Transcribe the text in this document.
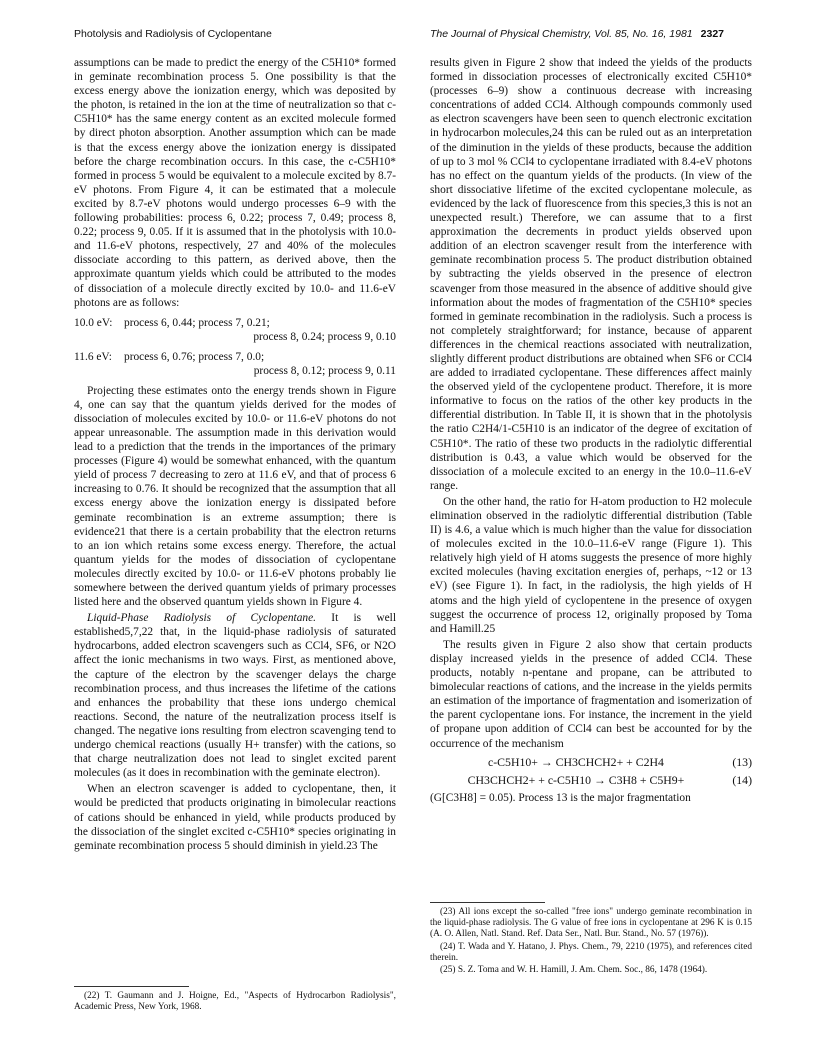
Photolysis and Radiolysis of Cyclopentane	The Journal of Physical Chemistry, Vol. 85, No. 16, 1981 2327

assumptions can be made to predict the energy of the C5H10* formed in geminate recombination process 5. One possibility is that the excess energy above the ionization energy, which was deposited by the photon, is retained in the ion at the time of neutralization so that c-C5H10* has the same energy content as an excited molecule formed by direct photon absorption. Another assumption which can be made is that the excess energy above the ionization energy is dissipated before the charge recombination occurs. In this case, the c-C5H10* formed in process 5 would be equivalent to a molecule excited by 8.7-eV photons. From Figure 4, it can be estimated that a molecule excited by 8.7-eV photons would undergo processes 6–9 with the following probabilities: process 6, 0.22; process 7, 0.49; process 8, 0.22; process 9, 0.05. If it is assumed that in the photolysis with 10.0- and 11.6-eV photons, respectively, 27 and 40% of the molecules dissociate according to this pattern, as derived above, then the approximate quantum yields which could be attributed to the modes of dissociation of a molecule directly excited by 10.0- and 11.6-eV photons are as follows:

10.0 eV:	process 6, 0.44; process 7, 0.21;
process 8, 0.24; process 9, 0.10
11.6 eV:	process 6, 0.76; process 7, 0.0;
process 8, 0.12; process 9, 0.11

Projecting these estimates onto the energy trends shown in Figure 4, one can say that the quantum yields derived for the modes of dissociation of molecules excited by 10.0- or 11.6-eV photons do not appear unreasonable. The assumption made in this derivation would lead to a prediction that the trends in the importances of the primary processes (Figure 4) would be somewhat enhanced, with the quantum yield of process 7 decreasing to zero at 11.6 eV, and that of process 6 increasing to 0.76. It should be recognized that the assumption that all excess energy above the ionization energy is dissipated before geminate recombination is an extreme assumption; there is evidence21 that there is a certain probability that the electron returns to an ion which retains some excess energy. Therefore, the actual quantum yields for the modes of dissociation of cyclopentane molecules directly excited by 10.0- or 11.6-eV photons probably lie somewhere between the derived quantum yields of primary processes listed here and the observed quantum yields shown in Figure 4.

Liquid-Phase Radiolysis of Cyclopentane. It is well established5,7,22 that, in the liquid-phase radiolysis of saturated hydrocarbons, added electron scavengers such as CCl4, SF6, or N2O affect the ionic mechanisms in two ways. First, as mentioned above, the capture of the electron by the scavenger delays the charge recombination process, and thus increases the lifetime of the cations and enhances the probability that these ions undergo chemical reactions. Second, the nature of the neutralization process itself is changed. The negative ions resulting from electron scavenging tend to undergo chemical reactions (usually H+ transfer) with the cations, so that charge neutralization does not lead to singlet excited parent molecules (as it does in recombination with the geminate electron).

When an electron scavenger is added to cyclopentane, then, it would be predicted that products originating in bimolecular reactions of cations should be enhanced in yield, while products produced by the dissociation of the singlet excited c-C5H10* species originating in geminate recombination process 5 should diminish in yield.23 The

(22) T. Gaumann and J. Hoigne, Ed., "Aspects of Hydrocarbon Radiolysis", Academic Press, New York, 1968.

results given in Figure 2 show that indeed the yields of the products formed in dissociation processes of electronically excited C5H10* (processes 6–9) show a continuous decrease with increasing concentrations of added CCl4. Although compounds commonly used as electron scavengers have been seen to quench electronic excitation in hydrocarbon molecules,24 this can be ruled out as an interpretation of the diminution in the yields of these products, because the addition of up to 3 mol % CCl4 to cyclopentane irradiated with 8.4-eV photons has no effect on the quantum yields of the products. (In view of the short dissociative lifetime of the excited cyclopentane molecule, as evidenced by the lack of fluorescence from this species,3 this is not an unexpected result.) Therefore, we can assume that to a first approximation the decrements in product yields observed upon addition of an electron scavenger result from the interference with geminate recombination process 5. The product distribution obtained by subtracting the yields observed in the presence of electron scavenger from those measured in the absence of additive should give information about the modes of fragmentation of the C5H10* species formed in geminate recombination in the radiolysis. Such a process is not completely straightforward; for instance, because of apparent differences in the chemical reactions associated with neutralization, slightly different product distributions are obtained when SF6 or CCl4 are added to irradiated cyclopentane. These differences affect mainly the observed yield of the cyclopentene product. Therefore, it is more informative to focus on the ratios of the other key products in the differential distribution. In Table II, it is shown that in the photolysis the ratio C2H4/1-C5H10 is an indicator of the degree of excitation of C5H10*. The ratio of these two products in the radiolytic differential distribution is 0.43, a value which would be observed for the dissociation of a molecule excited to an energy in the 10.0–11.6-eV range.

On the other hand, the ratio for H-atom production to H2 molecule elimination observed in the radiolytic differential distribution (Table II) is 4.6, a value which is much higher than the value for dissociation of molecules excited in the 10.0–11.6-eV range (Figure 1). This relatively high yield of H atoms suggests the presence of more highly excited molecules (having excitation energies of, perhaps, ~12 or 13 eV) (see Figure 1). In fact, in the radiolysis, the high yields of H atoms and the high yield of cyclopentene in the presence of oxygen suggest the occurrence of process 12, originally proposed by Toma and Hamill.25

The results given in Figure 2 also show that certain products display increased yields in the presence of added CCl4. These products, notably n-pentane and propane, can be attributed to bimolecular reactions of cations, and the increase in the yields permits an estimation of the importance of fragmentation and isomerization of the parent cyclopentane ions. For instance, the increment in the yield of propane upon addition of CCl4 can best be accounted for by the occurrence of the mechanism

c-C5H10+ → CH3CHCH2+ + C2H4	(13)
CH3CHCH2+ + c-C5H10 → C3H8 + C5H9+	(14)

(G[C3H8] = 0.05). Process 13 is the major fragmentation

(23) All ions except the so-called "free ions" undergo geminate recombination in the liquid-phase radiolysis. The G value of free ions in cyclopentane at 296 K is 0.15 (A. O. Allen, Natl. Stand. Ref. Data Ser., Natl. Bur. Stand., No. 57 (1976)).
(24) T. Wada and Y. Hatano, J. Phys. Chem., 79, 2210 (1975), and references cited therein.
(25) S. Z. Toma and W. H. Hamill, J. Am. Chem. Soc., 86, 1478 (1964).
